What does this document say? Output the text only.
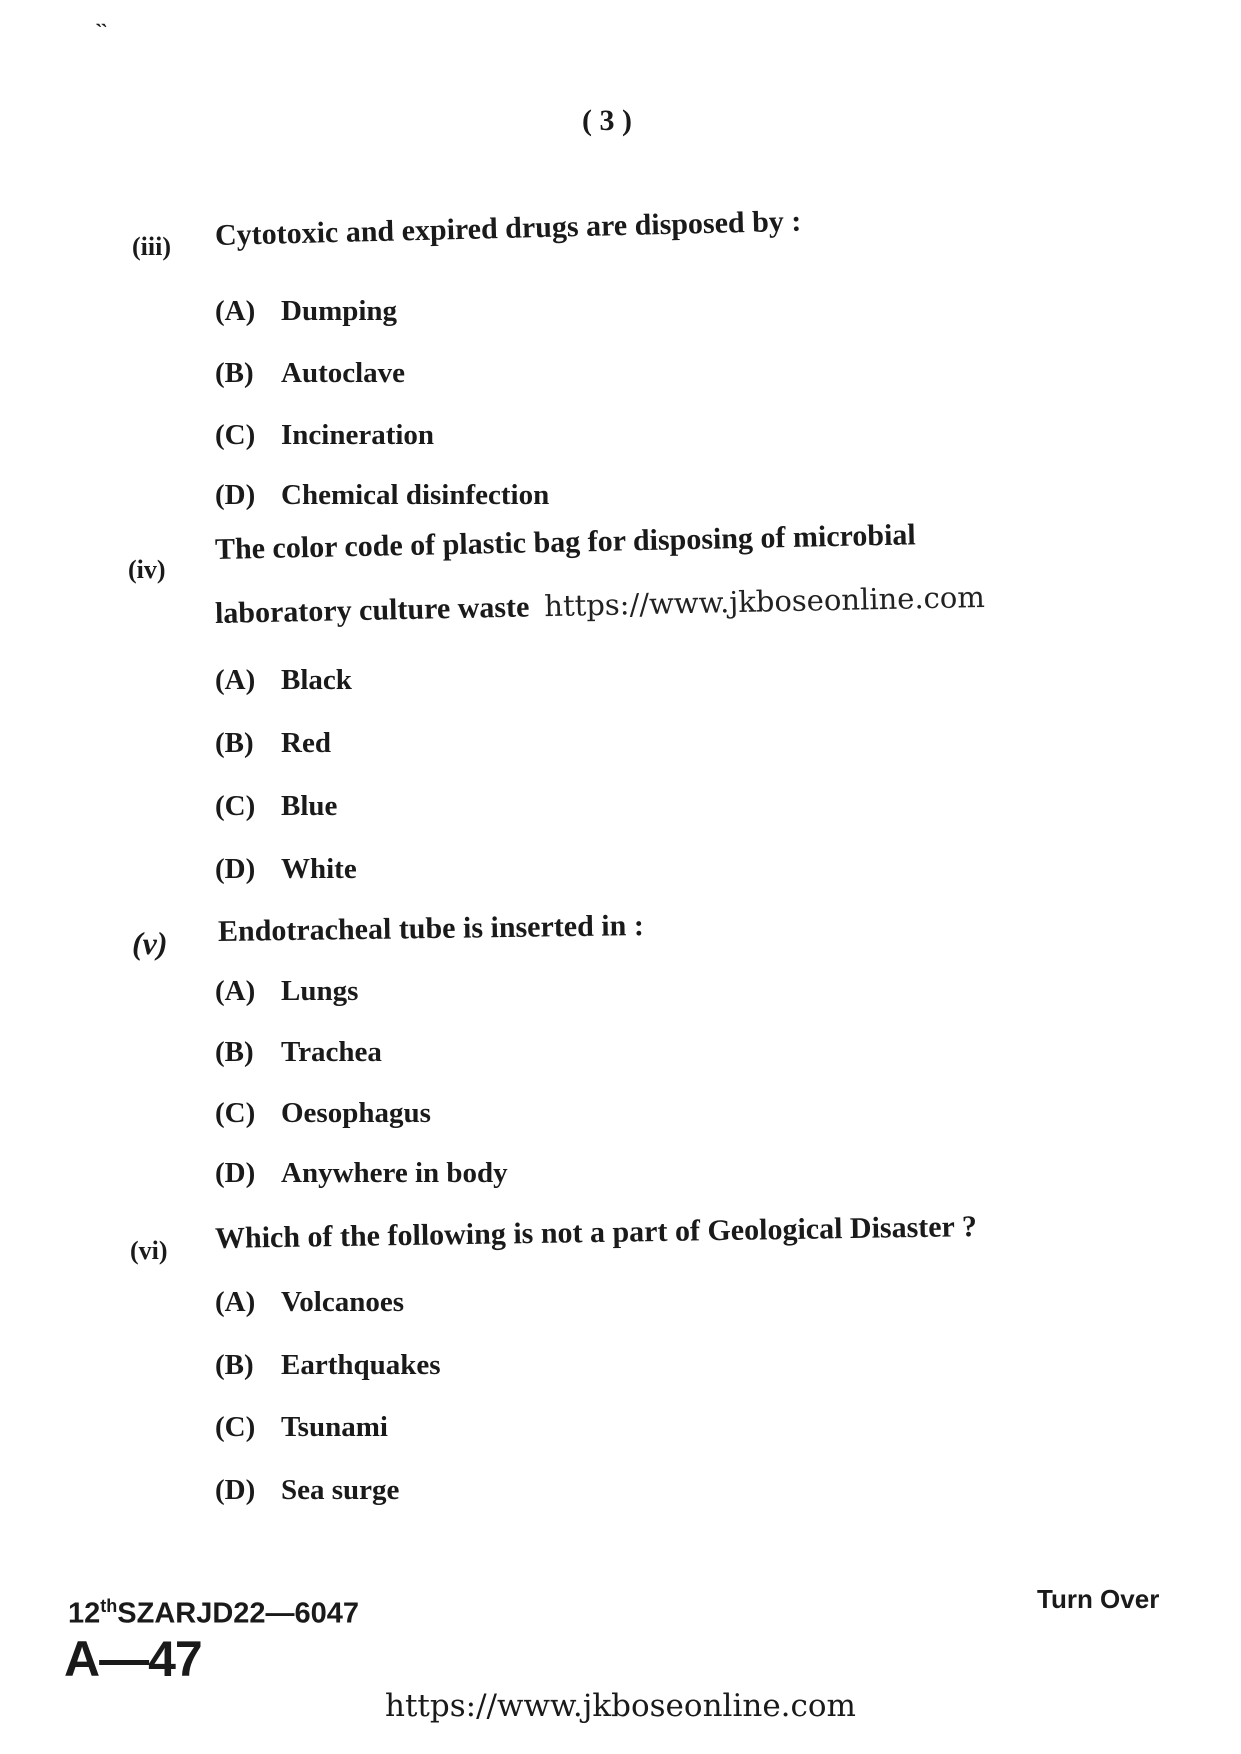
ˎˎ
( 3 )
(iii) Cytotoxic and expired drugs are disposed by :
(A) Dumping
(B) Autoclave
(C) Incineration
(D) Chemical disinfection
(iv)
The color code of plastic bag for disposing of microbial
laboratory culture waste https://www.jkboseonline.com
(A) Black
(B) Red
(C) Blue
(D) White
(v) Endotracheal tube is inserted in :
(A) Lungs
(B) Trachea
(C) Oesophagus
(D) Anywhere in body
(vi) Which of the following is not a part of Geological Disaster ?
(A) Volcanoes
(B) Earthquakes
(C) Tsunami
(D) Sea surge
12thSZARJD22—6047
A—47
Turn Over
https://www.jkboseonline.com
